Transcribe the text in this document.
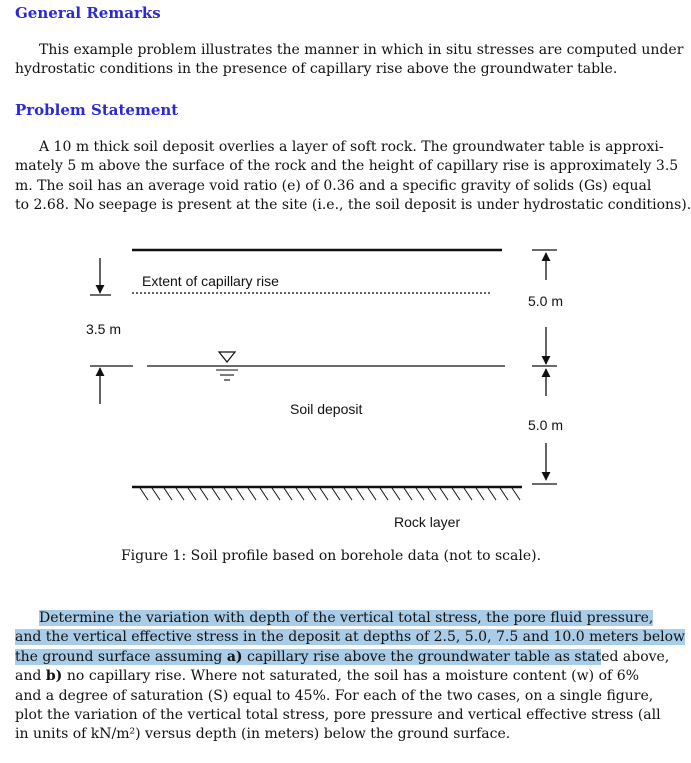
General Remarks
This example problem illustrates the manner in which in situ stresses are computed under
hydrostatic conditions in the presence of capillary rise above the groundwater table.
Problem Statement
A 10 m thick soil deposit overlies a layer of soft rock. The groundwater table is approxi-
mately 5 m above the surface of the rock and the height of capillary rise is approximately 3.5
m. The soil has an average void ratio (e) of 0.36 and a specific gravity of solids (Gs) equal
to 2.68. No seepage is present at the site (i.e., the soil deposit is under hydrostatic conditions).
Extent of capillary rise
3.5 m
5.0 m
5.0 m
Soil deposit
Rock layer

Figure 1: Soil profile based on borehole data (not to scale).

Determine the variation with depth of the vertical total stress, the pore fluid pressure,
and the vertical effective stress in the deposit at depths of 2.5, 5.0, 7.5 and 10.0 meters below
the ground surface assuming a) capillary rise above the groundwater table as stated above,
and b) no capillary rise. Where not saturated, the soil has a moisture content (w) of 6%
and a degree of saturation (S) equal to 45%. For each of the two cases, on a single figure,
plot the variation of the vertical total stress, pore pressure and vertical effective stress (all
in units of kN/m²) versus depth (in meters) below the ground surface.
